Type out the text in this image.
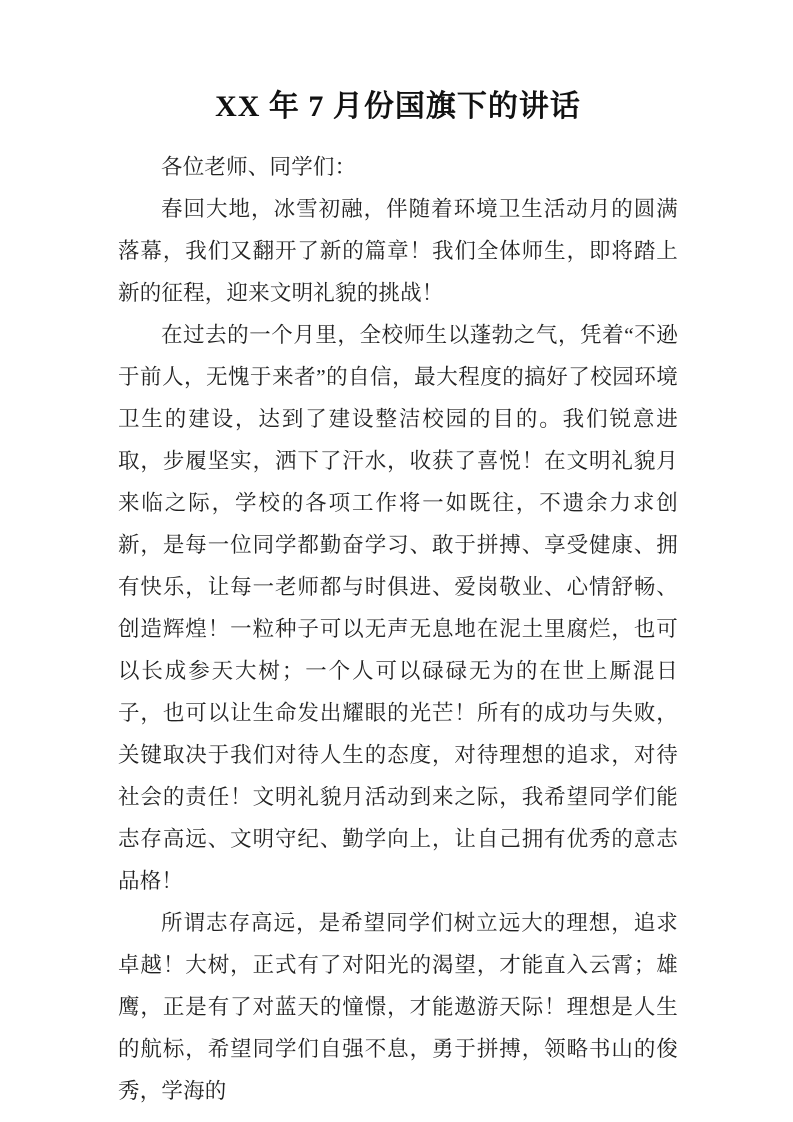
XX 年 7 月份国旗下的讲话

各位老师、同学们：

春回大地，冰雪初融，伴随着环境卫生活动月的圆满落幕，我们又翻开了新的篇章！我们全体师生，即将踏上新的征程，迎来文明礼貌的挑战！

在过去的一个月里，全校师生以蓬勃之气，凭着“不逊于前人，无愧于来者”的自信，最大程度的搞好了校园环境卫生的建设，达到了建设整洁校园的目的。我们锐意进取，步履坚实，洒下了汗水，收获了喜悦！在文明礼貌月来临之际，学校的各项工作将一如既往，不遗余力求创新，是每一位同学都勤奋学习、敢于拼搏、享受健康、拥有快乐，让每一老师都与时俱进、爱岗敬业、心情舒畅、创造辉煌！一粒种子可以无声无息地在泥土里腐烂，也可以长成参天大树；一个人可以碌碌无为的在世上厮混日子，也可以让生命发出耀眼的光芒！所有的成功与失败，关键取决于我们对待人生的态度，对待理想的追求，对待社会的责任！文明礼貌月活动到来之际，我希望同学们能志存高远、文明守纪、勤学向上，让自己拥有优秀的意志品格！

所谓志存高远，是希望同学们树立远大的理想，追求卓越！大树，正式有了对阳光的渴望，才能直入云霄；雄鹰，正是有了对蓝天的憧憬，才能遨游天际！理想是人生的航标，希望同学们自强不息，勇于拼搏，领略书山的俊秀，学海的
